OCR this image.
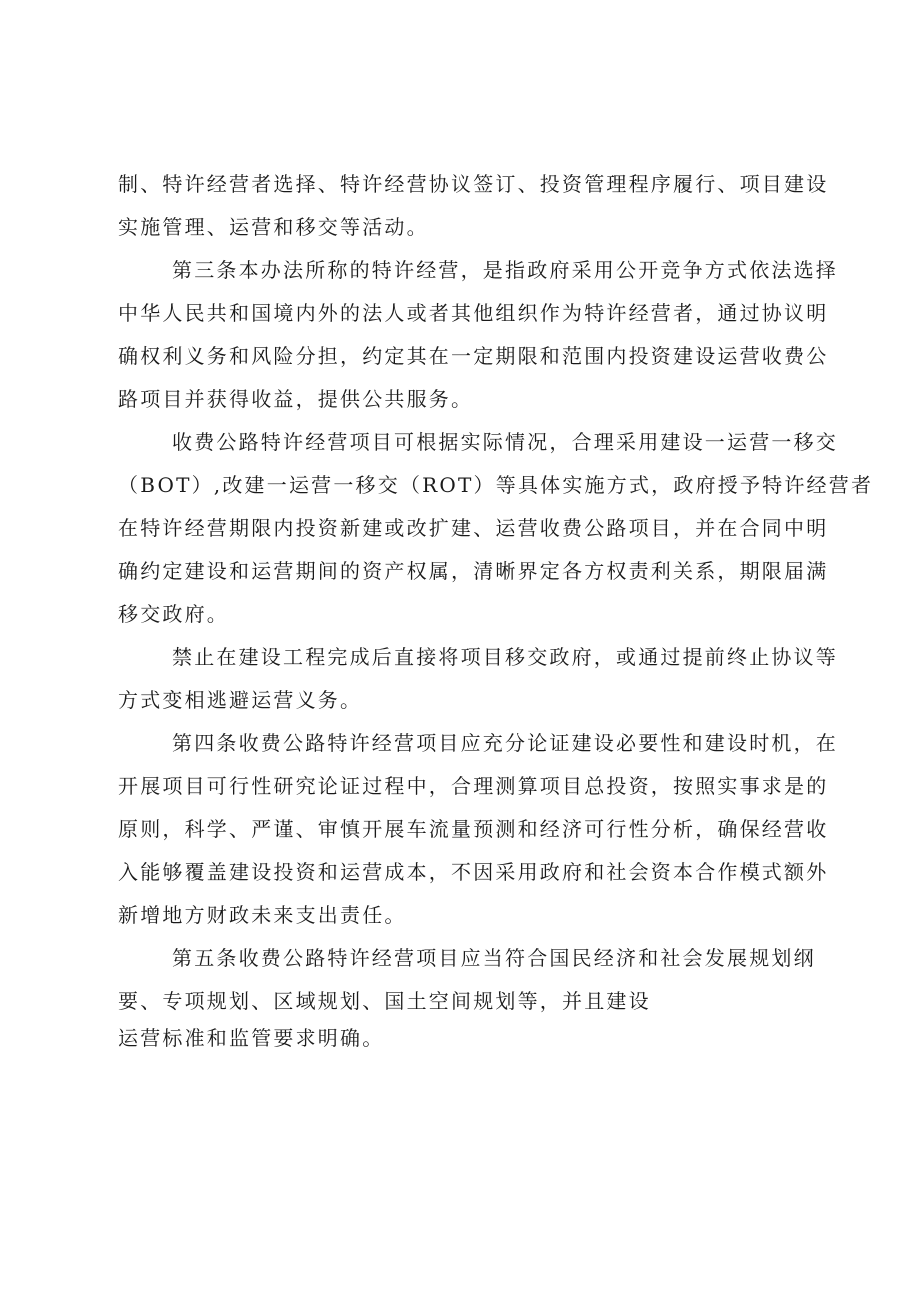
制、特许经营者选择、特许经营协议签订、投资管理程序履行、项目建设
实施管理、运营和移交等活动。
第三条本办法所称的特许经营，是指政府采用公开竞争方式依法选择
中华人民共和国境内外的法人或者其他组织作为特许经营者，通过协议明
确权利义务和风险分担，约定其在一定期限和范围内投资建设运营收费公
路项目并获得收益，提供公共服务。
收费公路特许经营项目可根据实际情况，合理采用建设一运营一移交
（BOT）,改建一运营一移交（ROT）等具体实施方式，政府授予特许经营者
在特许经营期限内投资新建或改扩建、运营收费公路项目，并在合同中明
确约定建设和运营期间的资产权属，清晰界定各方权责利关系，期限届满
移交政府。
禁止在建设工程完成后直接将项目移交政府，或通过提前终止协议等
方式变相逃避运营义务。
第四条收费公路特许经营项目应充分论证建设必要性和建设时机，在
开展项目可行性研究论证过程中，合理测算项目总投资，按照实事求是的
原则，科学、严谨、审慎开展车流量预测和经济可行性分析，确保经营收
入能够覆盖建设投资和运营成本，不因采用政府和社会资本合作模式额外
新增地方财政未来支出责任。
第五条收费公路特许经营项目应当符合国民经济和社会发展规划纲
要、专项规划、区域规划、国土空间规划等，并且建设
运营标准和监管要求明确。
